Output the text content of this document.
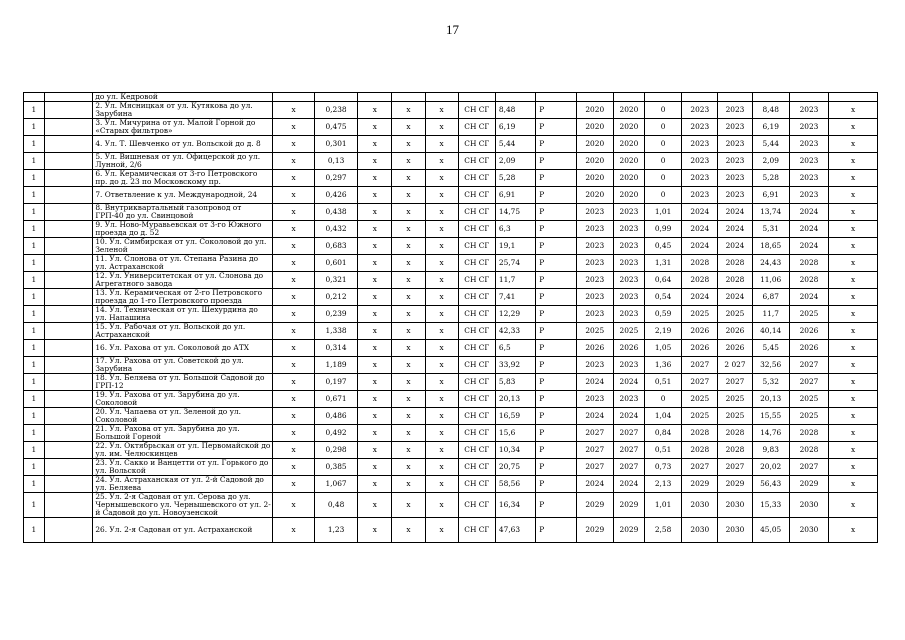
17
		до ул. Кедровой																
1		2. Ул. Мясницкая от ул. Кутякова до ул. Зарубина	x	0,238	x	x	x	СН СГ	8,48	Р	2020	2020	0	2023	2023	8,48	2023	x
1		3. Ул. Мичурина от ул. Малой Горной до «Старых фильтров»	x	0,475	x	x	x	СН СГ	6,19	Р	2020	2020	0	2023	2023	6,19	2023	x
1		4. Ул. Т. Шевченко от ул. Вольской до д. 8	x	0,301	x	x	x	СН СГ	5,44	Р	2020	2020	0	2023	2023	5,44	2023	x
1		5. Ул. Вишневая от ул. Офицерской до ул. Лунной, 2/6	x	0,13	x	x	x	СН СГ	2,09	Р	2020	2020	0	2023	2023	2,09	2023	x
1		6. Ул. Керамическая от 3-го Петровского пр. до д. 23 по Московскому пр.	x	0,297	x	x	x	СН СГ	5,28	Р	2020	2020	0	2023	2023	5,28	2023	x
1		7. Ответвление к ул. Международной, 24	x	0,426	x	x	x	СН СГ	6,91	Р	2020	2020	0	2023	2023	6,91	2023	x
1		8. Внутриквартальный газопровод от ГРП-40 до ул. Свинцовой	x	0,438	x	x	x	СН СГ	14,75	Р	2023	2023	1,01	2024	2024	13,74	2024	x
1		9. Ул. Ново-Муравьевская от 3-го Южного проезда до д. 52	x	0,432	x	x	x	СН СГ	6,3	Р	2023	2023	0,99	2024	2024	5,31	2024	x
1		10. Ул. Симбирская от ул. Соколовой до ул. Зеленой	x	0,683	x	x	x	СН СГ	19,1	Р	2023	2023	0,45	2024	2024	18,65	2024	x
1		11. Ул. Слонова от ул. Степана Разина до ул. Астраханской	x	0,601	x	x	x	СН СГ	25,74	Р	2023	2023	1,31	2028	2028	24,43	2028	x
1		12. Ул. Университетская от ул. Слонова до Агрегатного завода	x	0,321	x	x	x	СН СГ	11,7	Р	2023	2023	0,64	2028	2028	11,06	2028	x
1		13. Ул. Керамическая от 2-го Петровского проезда до 1-го Петровского проезда	x	0,212	x	x	x	СН СГ	7,41	Р	2023	2023	0,54	2024	2024	6,87	2024	x
1		14. Ул. Техническая от ул. Шехурдина до ул. Напашина	x	0,239	x	x	x	СН СГ	12,29	Р	2023	2023	0,59	2025	2025	11,7	2025	x
1		15. Ул. Рабочая от ул. Вольской до ул. Астраханской	x	1,338	x	x	x	СН СГ	42,33	Р	2025	2025	2,19	2026	2026	40,14	2026	x
1		16. Ул. Рахова от ул. Соколовой до АТХ	x	0,314	x	x	x	СН СГ	6,5	Р	2026	2026	1,05	2026	2026	5,45	2026	x
1		17. Ул. Рахова от ул. Советской до ул. Зарубина	x	1,189	x	x	x	СН СГ	33,92	Р	2023	2023	1,36	2027	2 027	32,56	2027	x
1		18. Ул. Беляева от ул. Большой Садовой до ГРП-12	x	0,197	x	x	x	СН СГ	5,83	Р	2024	2024	0,51	2027	2027	5,32	2027	x
1		19. Ул. Рахова от ул. Зарубина до ул. Соколовой	x	0,671	x	x	x	СН СГ	20,13	Р	2023	2023	0	2025	2025	20,13	2025	x
1		20. Ул. Чапаева от ул. Зеленой до ул. Соколовой	x	0,486	x	x	x	СН СГ	16,59	Р	2024	2024	1,04	2025	2025	15,55	2025	x
1		21. Ул. Рахова от ул. Зарубина до ул. Большой Горной	x	0,492	x	x	x	СН СГ	15,6	Р	2027	2027	0,84	2028	2028	14,76	2028	x
1		22. Ул. Октябрьская от ул. Первомайской до ул. им. Челюскинцев	x	0,298	x	x	x	СН СГ	10,34	Р	2027	2027	0,51	2028	2028	9,83	2028	x
1		23. Ул. Сакко и Ванцетти от ул. Горького до ул. Вольской	x	0,385	x	x	x	СН СГ	20,75	Р	2027	2027	0,73	2027	2027	20,02	2027	x
1		24. Ул. Астраханская от ул. 2-й Садовой до ул. Беляева	x	1,067	x	x	x	СН СГ	58,56	Р	2024	2024	2,13	2029	2029	56,43	2029	x
1		25. Ул. 2-я Садовая от ул. Серова до ул. Чернышевского ул. Чернышевского от ул. 2-й Садовой до ул. Новоузенской	x	0,48	x	x	x	СН СГ	16,34	Р	2029	2029	1,01	2030	2030	15,33	2030	x
1		26. Ул. 2-я Садовая от ул. Астраханской	x	1,23	x	x	x	СН СГ	47,63	Р	2029	2029	2,58	2030	2030	45,05	2030	x
